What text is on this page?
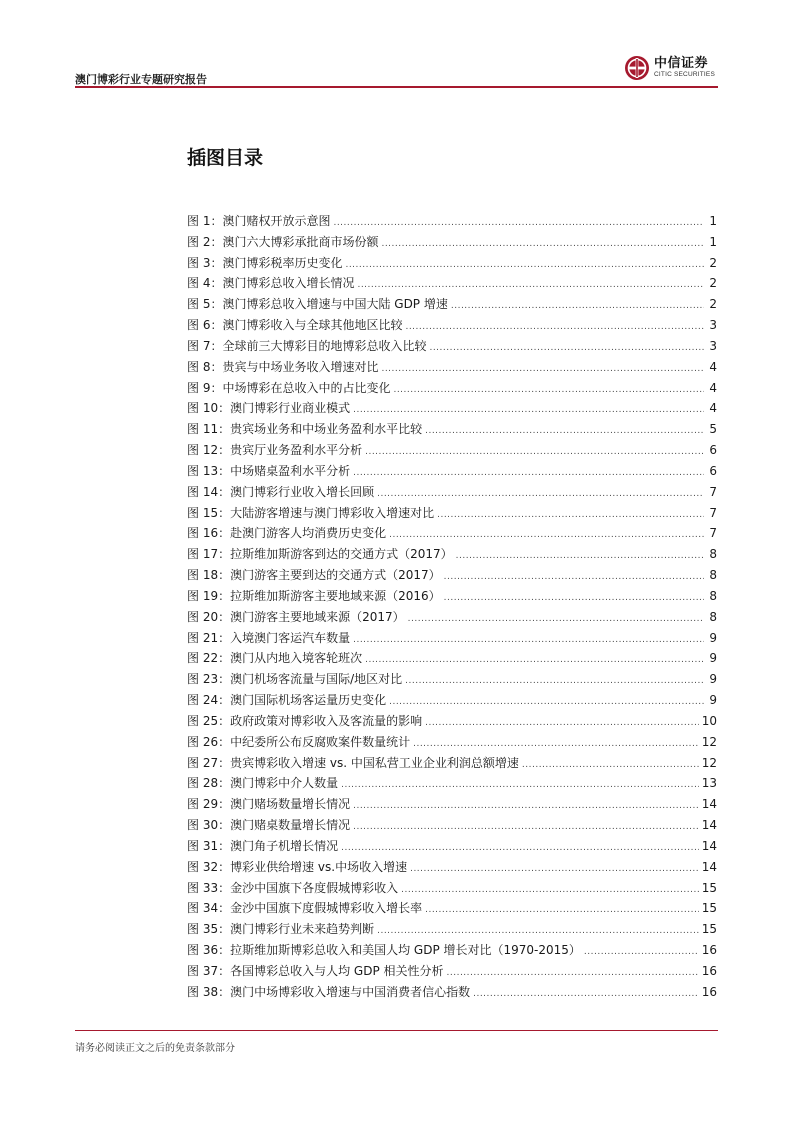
澳门博彩行业专题研究报告
中信证券
CITIC SECURITIES
插图目录
图 1：澳门赌权开放示意图 .....	1
图 2：澳门六大博彩承批商市场份额 .....	1
图 3：澳门博彩税率历史变化 .....	2
图 4：澳门博彩总收入增长情况 .....	2
图 5：澳门博彩总收入增速与中国大陆 GDP 增速 .....	2
图 6：澳门博彩收入与全球其他地区比较 .....	3
图 7：全球前三大博彩目的地博彩总收入比较 .....	3
图 8：贵宾与中场业务收入增速对比 .....	4
图 9：中场博彩在总收入中的占比变化 .....	4
图 10：澳门博彩行业商业模式 .....	4
图 11：贵宾场业务和中场业务盈利水平比较 .....	5
图 12：贵宾厅业务盈利水平分析 .....	6
图 13：中场赌桌盈利水平分析 .....	6
图 14：澳门博彩行业收入增长回顾 .....	7
图 15：大陆游客增速与澳门博彩收入增速对比 .....	7
图 16：赴澳门游客人均消费历史变化 .....	7
图 17：拉斯维加斯游客到达的交通方式（2017） .....	8
图 18：澳门游客主要到达的交通方式（2017） .....	8
图 19：拉斯维加斯游客主要地域来源（2016） .....	8
图 20：澳门游客主要地域来源（2017） .....	8
图 21：入境澳门客运汽车数量 .....	9
图 22：澳门从内地入境客轮班次 .....	9
图 23：澳门机场客流量与国际/地区对比 .....	9
图 24：澳门国际机场客运量历史变化 .....	9
图 25：政府政策对博彩收入及客流量的影响 .....	10
图 26：中纪委所公布反腐败案件数量统计 .....	12
图 27：贵宾博彩收入增速 vs. 中国私营工业企业利润总额增速 .....	12
图 28：澳门博彩中介人数量 .....	13
图 29：澳门赌场数量增长情况 .....	14
图 30：澳门赌桌数量增长情况 .....	14
图 31：澳门角子机增长情况 .....	14
图 32：博彩业供给增速 vs.中场收入增速 .....	14
图 33：金沙中国旗下各度假城博彩收入 .....	15
图 34：金沙中国旗下度假城博彩收入增长率 .....	15
图 35：澳门博彩行业未来趋势判断 .....	15
图 36：拉斯维加斯博彩总收入和美国人均 GDP 增长对比（1970-2015） .....	16
图 37：各国博彩总收入与人均 GDP 相关性分析 .....	16
图 38：澳门中场博彩收入增速与中国消费者信心指数 .....	16
请务必阅读正文之后的免责条款部分
